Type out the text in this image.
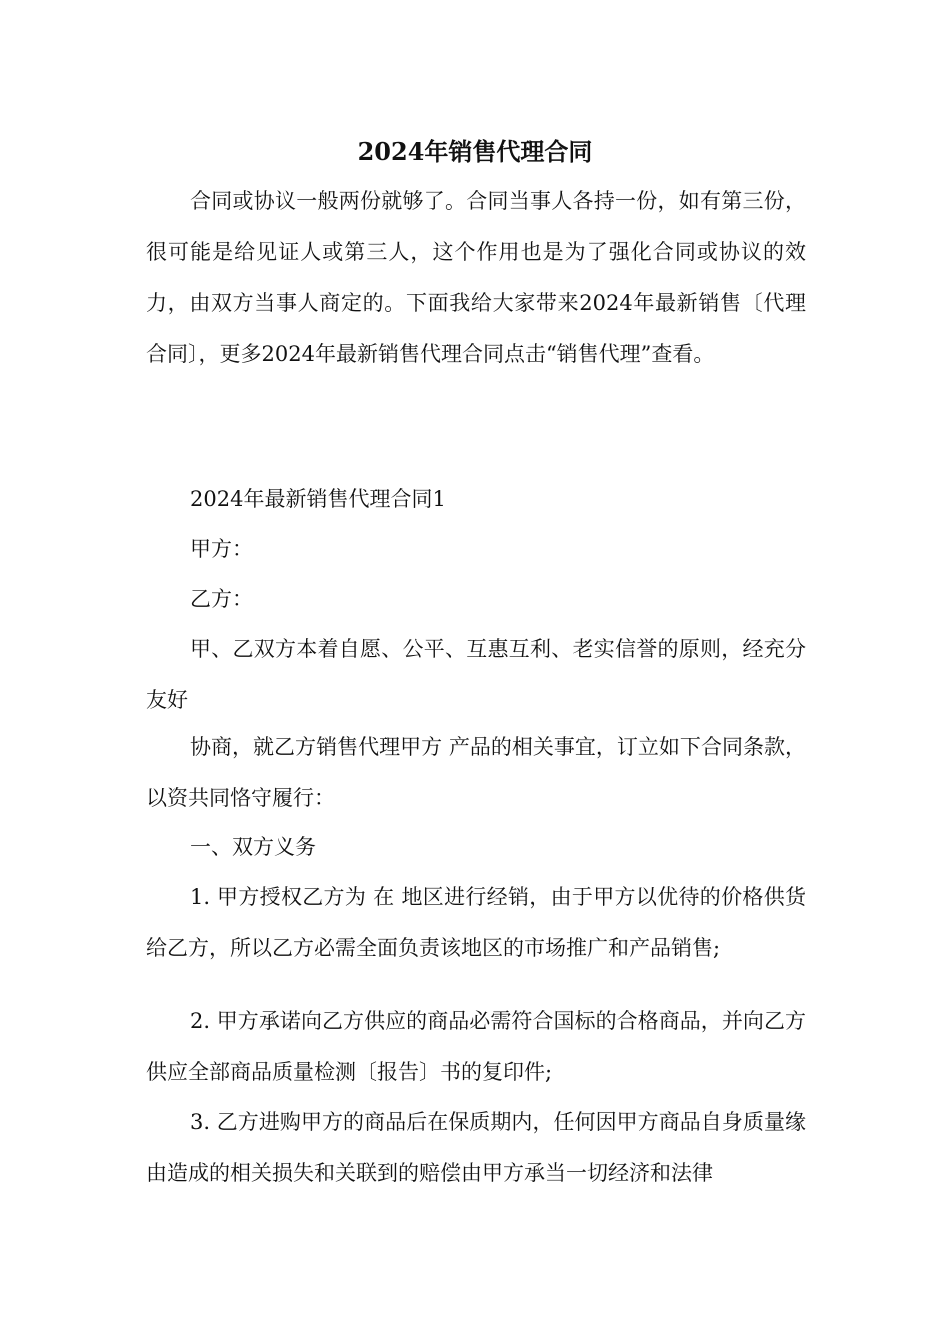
2024年销售代理合同
合同或协议一般两份就够了。合同当事人各持一份，如有第三份，很可能是给见证人或第三人，这个作用也是为了强化合同或协议的效力，由双方当事人商定的。下面我给大家带来2024年最新销售〔代理合同〕，更多2024年最新销售代理合同点击“销售代理”查看。
2024年最新销售代理合同1
甲方：
乙方：
甲、乙双方本着自愿、公平、互惠互利、老实信誉的原则，经充分友好
协商，就乙方销售代理甲方 产品的相关事宜，订立如下合同条款，以资共同恪守履行：
一、双方义务
1. 甲方授权乙方为 在 地区进行经销，由于甲方以优待的价格供货给乙方，所以乙方必需全面负责该地区的市场推广和产品销售;
2. 甲方承诺向乙方供应的商品必需符合国标的合格商品，并向乙方供应全部商品质量检测〔报告〕书的复印件;
3. 乙方进购甲方的商品后在保质期内，任何因甲方商品自身质量缘由造成的相关损失和关联到的赔偿由甲方承当一切经济和法律
